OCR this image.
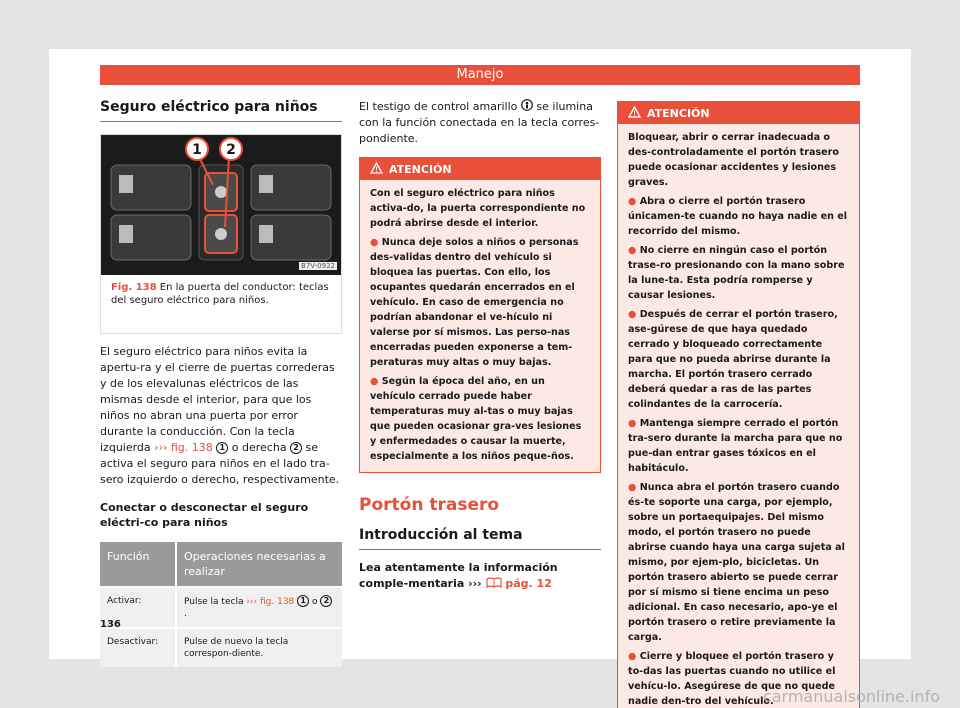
Manejo
Seguro eléctrico para niños
1 2
B7V-0922
Fig. 138 En la puerta del conductor: teclas del seguro eléctrico para niños.

El seguro eléctrico para niños evita la apertu-ra y el cierre de puertas correderas y de los elevalunas eléctricos de las mismas desde el interior, para que los niños no abran una puerta por error durante la conducción. Con la tecla izquierda ››› fig. 138 1 o derecha 2 se activa el seguro para niños en el lado tra-sero izquierdo o derecho, respectivamente.

Conectar o desconectar el seguro eléctri-co para niños
Función	Operaciones necesarias a realizar
Activar:	Pulse la tecla ››› fig. 138 1 o 2.
Desactivar:	Pulse de nuevo la tecla correspon-diente.
136

El testigo de control amarillo  se ilumina con la función conectada en la tecla corres-pondiente.

ATENCIÓN
Con el seguro eléctrico para niños activa-do, la puerta correspondiente no podrá abrirse desde el interior.
● Nunca deje solos a niños o personas des-validas dentro del vehículo si bloquea las puertas. Con ello, los ocupantes quedarán encerrados en el vehículo. En caso de emergencia no podrían abandonar el ve-hículo ni valerse por sí mismos. Las perso-nas encerradas pueden exponerse a tem-peraturas muy altas o muy bajas.
● Según la época del año, en un vehículo cerrado puede haber temperaturas muy al-tas o muy bajas que pueden ocasionar gra-ves lesiones y enfermedades o causar la muerte, especialmente a los niños peque-ños.
Portón trasero
Introducción al tema

Lea atentamente la información comple-mentaria ›››  pág. 12

ATENCIÓN
Bloquear, abrir o cerrar inadecuada o des-controladamente el portón trasero puede ocasionar accidentes y lesiones graves.
● Abra o cierre el portón trasero únicamen-te cuando no haya nadie en el recorrido del mismo.
● No cierre en ningún caso el portón trase-ro presionando con la mano sobre la lune-ta. Esta podría romperse y causar lesiones.
● Después de cerrar el portón trasero, ase-gúrese de que haya quedado cerrado y bloqueado correctamente para que no pueda abrirse durante la marcha. El portón trasero cerrado deberá quedar a ras de las partes colindantes de la carrocería.
● Mantenga siempre cerrado el portón tra-sero durante la marcha para que no pue-dan entrar gases tóxicos en el habitáculo.
● Nunca abra el portón trasero cuando és-te soporte una carga, por ejemplo, sobre un portaequipajes. Del mismo modo, el portón trasero no puede abrirse cuando haya una carga sujeta al mismo, por ejem-plo, bicicletas. Un portón trasero abierto se puede cerrar por sí mismo si tiene encima un peso adicional. En caso necesario, apo-ye el portón trasero o retire previamente la carga.
● Cierre y bloquee el portón trasero y to-das las puertas cuando no utilice el vehícu-lo. Asegúrese de que no quede nadie den-tro del vehículo.
carmanualsonline.info
